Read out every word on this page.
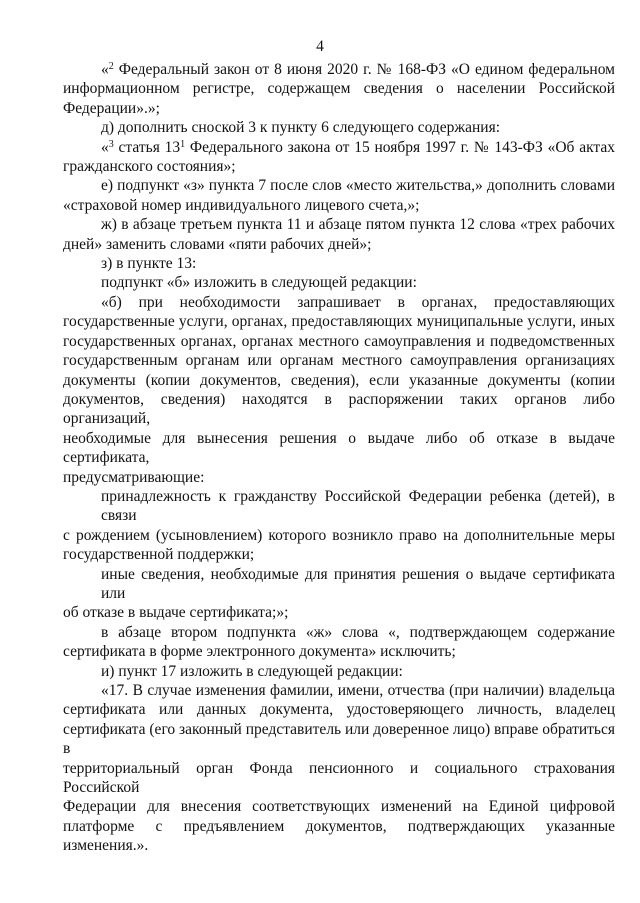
4
«$^2$ Федеральный закон от 8 июня 2020 г. № 168-ФЗ «О едином федеральном
информационном регистре, содержащем сведения о населении Российской
Федерации».»;
д) дополнить сноской 3 к пункту 6 следующего содержания:
«$^3$ статья $13^1$ Федерального закона от 15 ноября 1997 г. № 143-ФЗ «Об актах
гражданского состояния»;
е) подпункт «з» пункта 7 после слов «место жительства,» дополнить словами
«страховой номер индивидуального лицевого счета,»;
ж) в абзаце третьем пункта 11 и абзаце пятом пункта 12 слова «трех рабочих
дней» заменить словами «пяти рабочих дней»;
з) в пункте 13:
подпункт «б» изложить в следующей редакции:
«б) при необходимости запрашивает в органах, предоставляющих
государственные услуги, органах, предоставляющих муниципальные услуги, иных
государственных органах, органах местного самоуправления и подведомственных
государственным органам или органам местного самоуправления организациях
документы (копии документов, сведения), если указанные документы (копии
документов, сведения) находятся в распоряжении таких органов либо организаций,
необходимые для вынесения решения о выдаче либо об отказе в выдаче сертификата,
предусматривающие:
принадлежность к гражданству Российской Федерации ребенка (детей), в связи
с рождением (усыновлением) которого возникло право на дополнительные меры
государственной поддержки;
иные сведения, необходимые для принятия решения о выдаче сертификата или
об отказе в выдаче сертификата;»;
в абзаце втором подпункта «ж» слова «, подтверждающем содержание
сертификата в форме электронного документа» исключить;
и) пункт 17 изложить в следующей редакции:
«17. В случае изменения фамилии, имени, отчества (при наличии) владельца
сертификата или данных документа, удостоверяющего личность, владелец
сертификата (его законный представитель или доверенное лицо) вправе обратиться в
территориальный орган Фонда пенсионного и социального страхования Российской
Федерации для внесения соответствующих изменений на Единой цифровой
платформе с предъявлением документов, подтверждающих указанные изменения.».
